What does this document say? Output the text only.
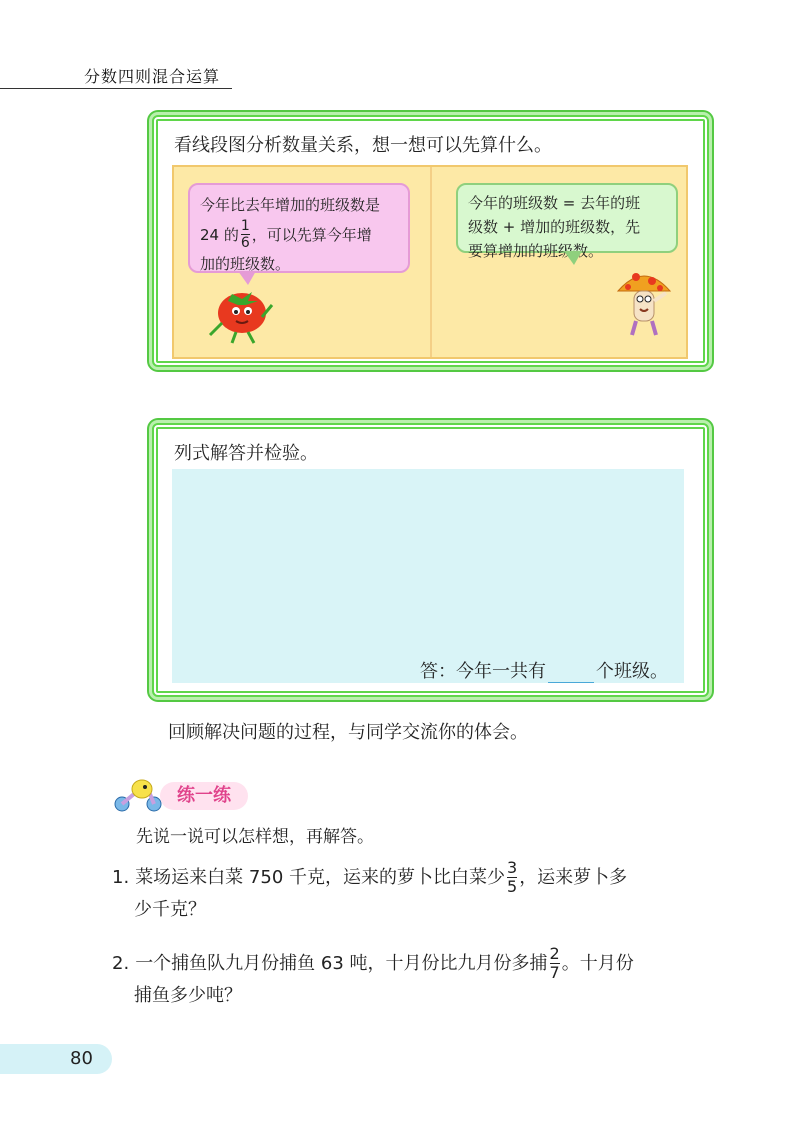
分数四则混合运算
看线段图分析数量关系，想一想可以先算什么。
今年比去年增加的班级数是
24 的 $\frac{1}{6}$ ，可以先算今年增
加的班级数。
今年的班级数 = 去年的班
级数 + 增加的班级数，先
要算增加的班级数。
列式解答并检验。
答：今年一共有	个班级。
回顾解决问题的过程，与同学交流你的体会。
练一练
先说一说可以怎样想，再解答。
1. 菜场运来白菜 750 千克，运来的萝卜比白菜少 $\frac{3}{5}$ ，运来萝卜多
少千克？
2. 一个捕鱼队九月份捕鱼 63 吨，十月份比九月份多捕 $\frac{2}{7}$ 。十月份
捕鱼多少吨？
80
